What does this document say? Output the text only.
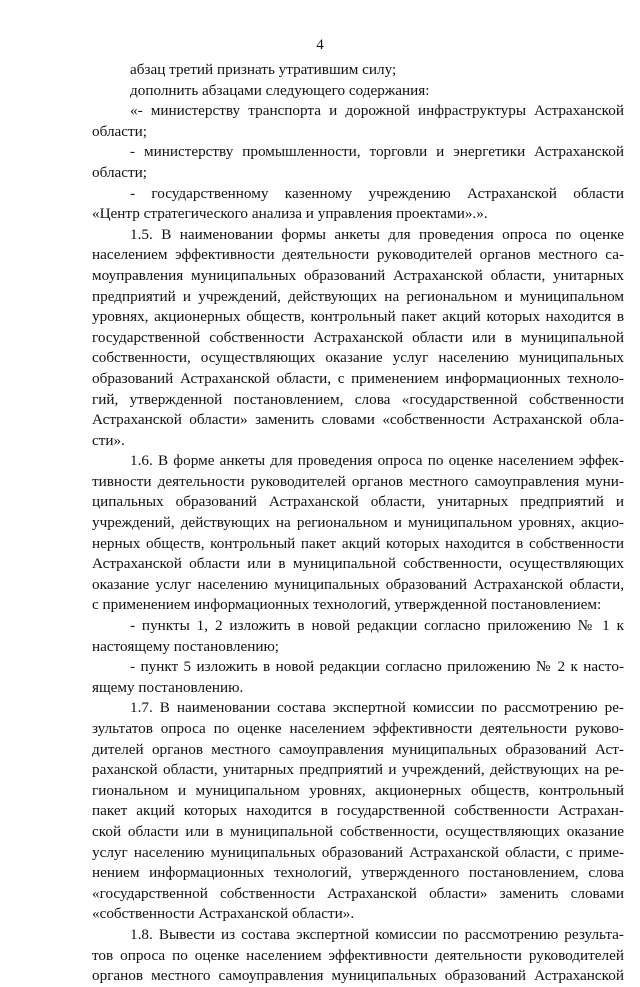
4
абзац третий признать утратившим силу;
дополнить абзацами следующего содержания:
«- министерству транспорта и дорожной инфраструктуры Астраханской
области;
- министерству промышленности, торговли и энергетики Астраханской
области;
- государственному казенному учреждению Астраханской области
«Центр стратегического анализа и управления проектами».».
1.5. В наименовании формы анкеты для проведения опроса по оценке
населением эффективности деятельности руководителей органов местного са-
моуправления муниципальных образований Астраханской области, унитарных
предприятий и учреждений, действующих на региональном и муниципальном
уровнях, акционерных обществ, контрольный пакет акций которых находится в
государственной собственности Астраханской области или в муниципальной
собственности, осуществляющих оказание услуг населению муниципальных
образований Астраханской области, с применением информационных техноло-
гий, утвержденной постановлением, слова «государственной собственности
Астраханской области» заменить словами «собственности Астраханской обла-
сти».
1.6. В форме анкеты для проведения опроса по оценке населением эффек-
тивности деятельности руководителей органов местного самоуправления муни-
ципальных образований Астраханской области, унитарных предприятий и
учреждений, действующих на региональном и муниципальном уровнях, акцио-
нерных обществ, контрольный пакет акций которых находится в собственности
Астраханской области или в муниципальной собственности, осуществляющих
оказание услуг населению муниципальных образований Астраханской области,
с применением информационных технологий, утвержденной постановлением:
- пункты 1, 2 изложить в новой редакции согласно приложению № 1 к
настоящему постановлению;
- пункт 5 изложить в новой редакции согласно приложению № 2 к насто-
ящему постановлению.
1.7. В наименовании состава экспертной комиссии по рассмотрению ре-
зультатов опроса по оценке населением эффективности деятельности руково-
дителей органов местного самоуправления муниципальных образований Аст-
раханской области, унитарных предприятий и учреждений, действующих на ре-
гиональном и муниципальном уровнях, акционерных обществ, контрольный
пакет акций которых находится в государственной собственности Астрахан-
ской области или в муниципальной собственности, осуществляющих оказание
услуг населению муниципальных образований Астраханской области, с приме-
нением информационных технологий, утвержденного постановлением, слова
«государственной собственности Астраханской области» заменить словами
«собственности Астраханской области».
1.8. Вывести из состава экспертной комиссии по рассмотрению результа-
тов опроса по оценке населением эффективности деятельности руководителей
органов местного самоуправления муниципальных образований Астраханской
